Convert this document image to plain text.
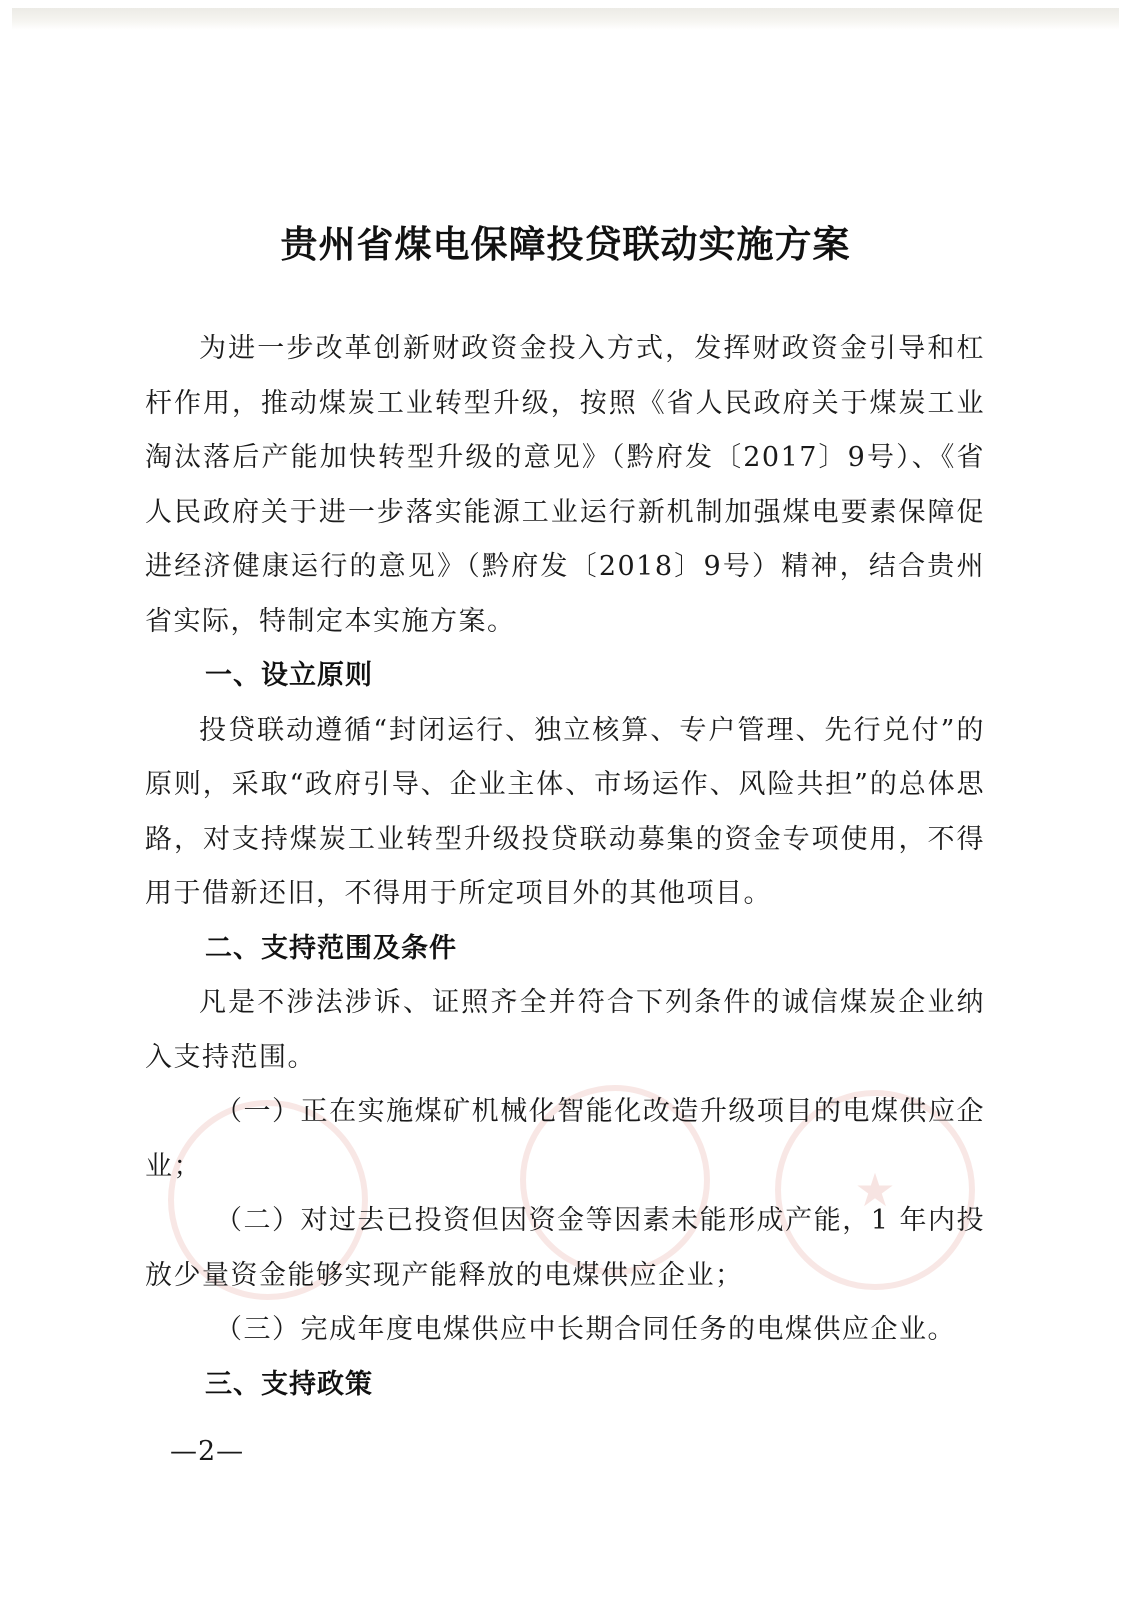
★
贵州省煤电保障投贷联动实施方案

为进一步改革创新财政资金投入方式，发挥财政资金引导和杠杆作用，推动煤炭工业转型升级，按照《省人民政府关于煤炭工业淘汰落后产能加快转型升级的意见》（黔府发〔2017〕9号）、《省人民政府关于进一步落实能源工业运行新机制加强煤电要素保障促进经济健康运行的意见》（黔府发〔2018〕9号）精神，结合贵州省实际，特制定本实施方案。

一、设立原则

投贷联动遵循“封闭运行、独立核算、专户管理、先行兑付”的原则，采取“政府引导、企业主体、市场运作、风险共担”的总体思路，对支持煤炭工业转型升级投贷联动募集的资金专项使用，不得用于借新还旧，不得用于所定项目外的其他项目。

二、支持范围及条件

凡是不涉法涉诉、证照齐全并符合下列条件的诚信煤炭企业纳入支持范围。

（一）正在实施煤矿机械化智能化改造升级项目的电煤供应企业；

（二）对过去已投资但因资金等因素未能形成产能，1 年内投放少量资金能够实现产能释放的电煤供应企业；

（三）完成年度电煤供应中长期合同任务的电煤供应企业。

三、支持政策

—2—
